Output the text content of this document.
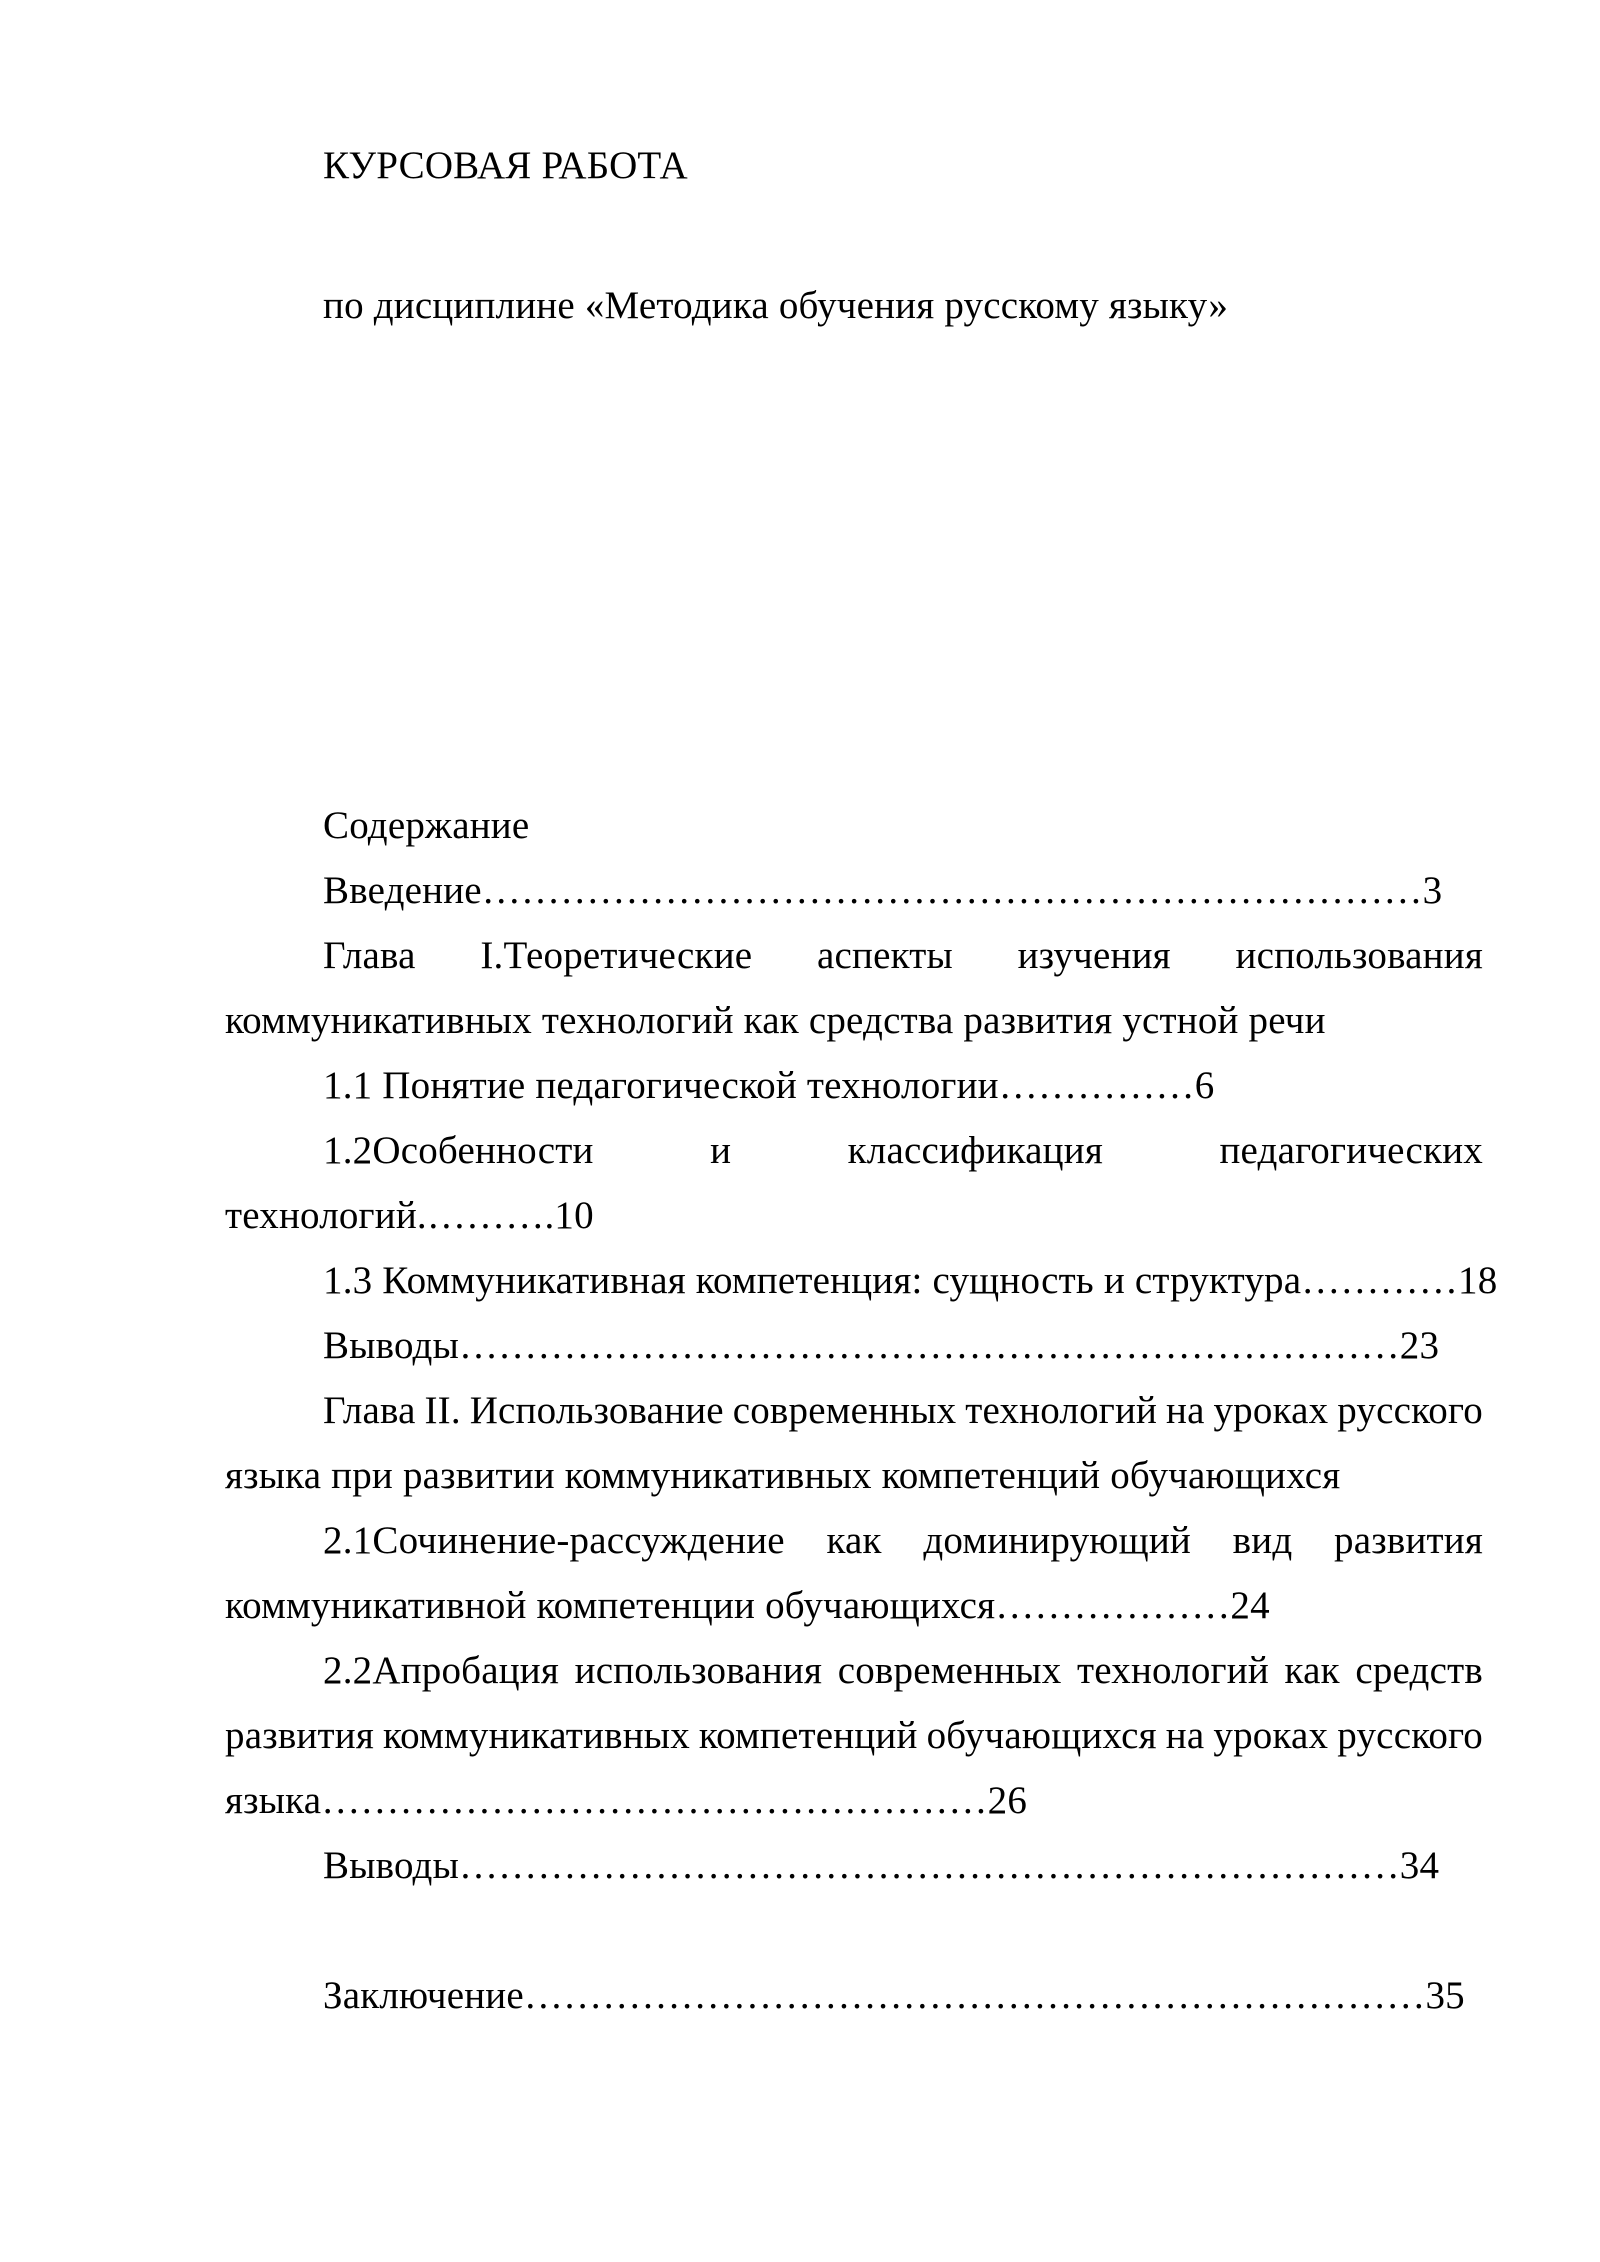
КУРСОВАЯ РАБОТА
по дисциплине «Методика обучения русскому языку»
Содержание
Введение………………………………………………………………3
Глава I.Теоретические аспекты изучения использования
коммуникативных технологий как средства развития устной речи
1.1 Понятие педагогической технологии……………6
1.2Особенности	и	классификация	педагогических
технологий.……….10
1.3 Коммуникативная компетенция: сущность и структура…………18
Выводы………………………………………………………………23
Глава II. Использование современных технологий на уроках русского
языка при развитии коммуникативных компетенций обучающихся
2.1Сочинение-рассуждение как доминирующий вид развития
коммуникативной компетенции обучающихся………………24
2.2Апробация использования современных технологий как средств
развития коммуникативных компетенций обучающихся на уроках русского
языка……………………………………………26
Выводы………………………………………………………………34
Заключение……………………………………………………………35
